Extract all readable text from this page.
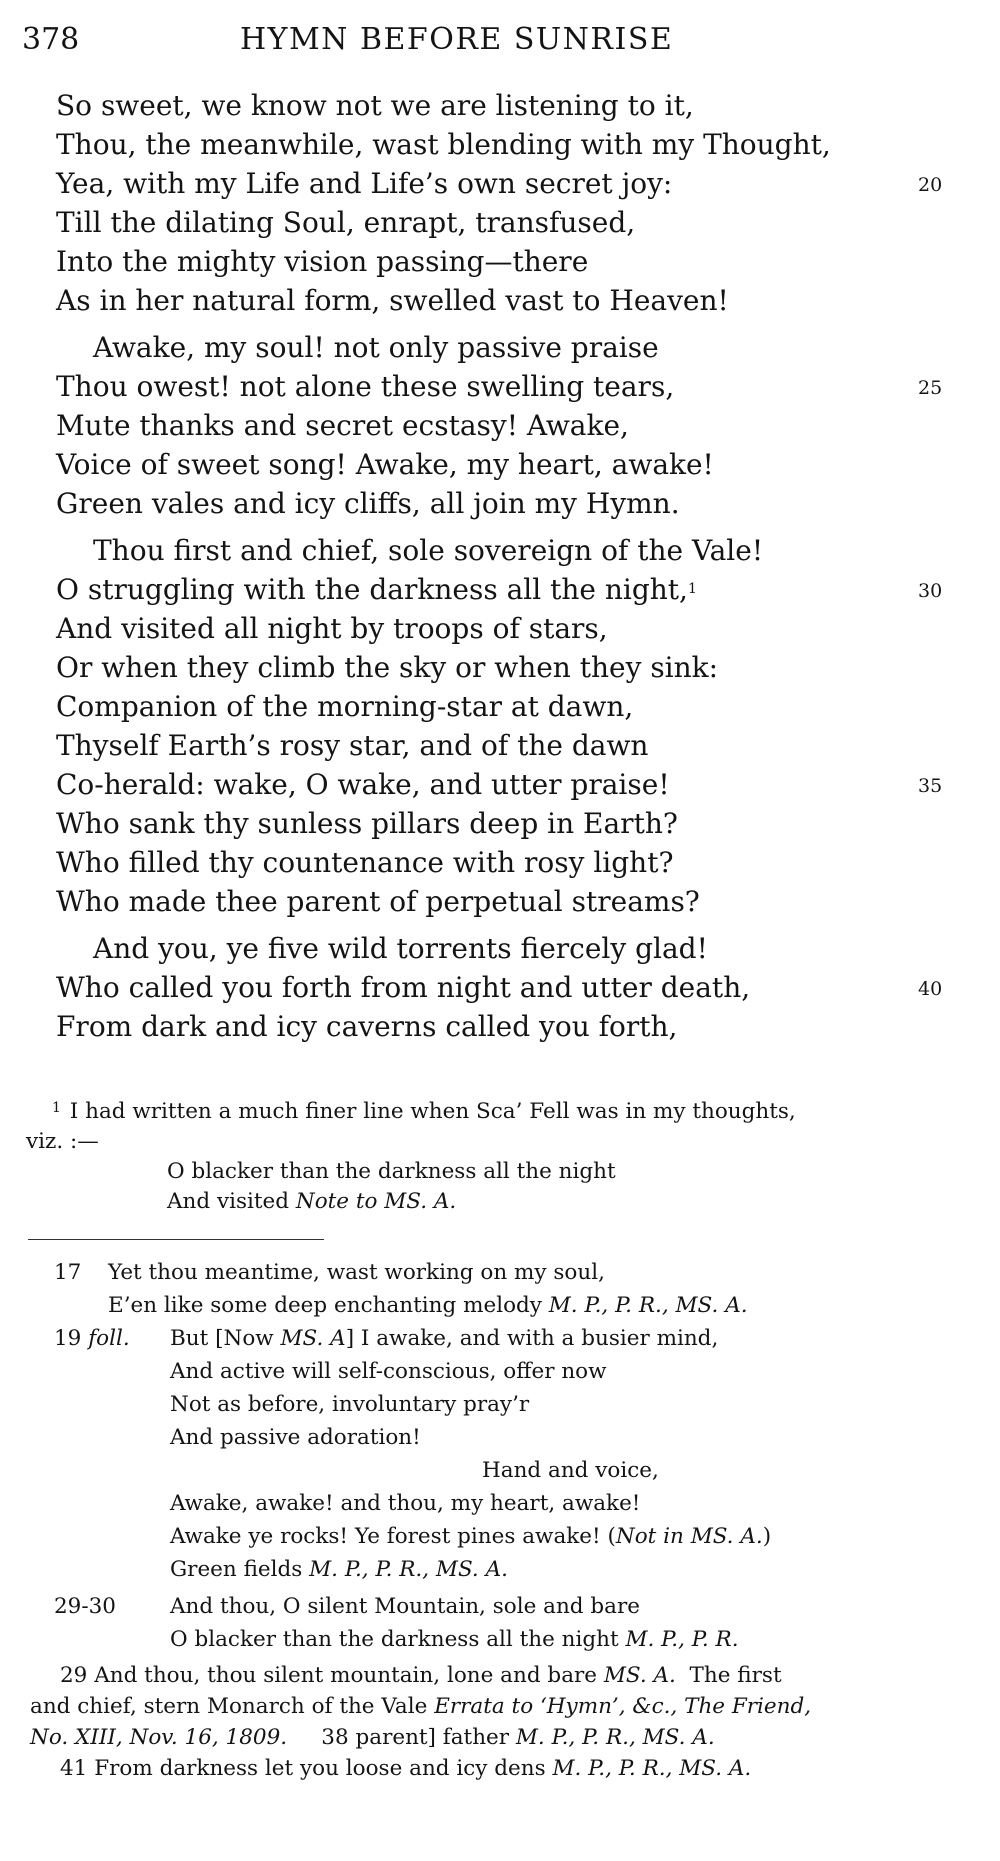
378	HYMN BEFORE SUNRISE
So sweet, we know not we are listening to it,
Thou, the meanwhile, wast blending with my Thought,
Yea, with my Life and Life’s own secret joy:	20
Till the dilating Soul, enrapt, transfused,
Into the mighty vision passing—there
As in her natural form, swelled vast to Heaven!
Awake, my soul! not only passive praise
Thou owest! not alone these swelling tears,	25
Mute thanks and secret ecstasy! Awake,
Voice of sweet song! Awake, my heart, awake!
Green vales and icy cliffs, all join my Hymn.
Thou first and chief, sole sovereign of the Vale!
O struggling with the darkness all the night,$^1$	30
And visited all night by troops of stars,
Or when they climb the sky or when they sink:
Companion of the morning-star at dawn,
Thyself Earth’s rosy star, and of the dawn
Co-herald: wake, O wake, and utter praise!	35
Who sank thy sunless pillars deep in Earth?
Who filled thy countenance with rosy light?
Who made thee parent of perpetual streams?
And you, ye five wild torrents fiercely glad!
Who called you forth from night and utter death,	40
From dark and icy caverns called you forth,
$^1$ I had written a much finer line when Sca’ Fell was in my thoughts,
viz. :—
O blacker than the darkness all the night
And visited Note to MS. A.
17 Yet thou meantime, wast working on my soul,
E’en like some deep enchanting melody M. P., P. R., MS. A.
19 foll. But [Now MS. A] I awake, and with a busier mind,
And active will self-conscious, offer now
Not as before, involuntary pray’r
And passive adoration!
Hand and voice,
Awake, awake! and thou, my heart, awake!
Awake ye rocks! Ye forest pines awake! (Not in MS. A.)
Green fields M. P., P. R., MS. A.
29-30	And thou, O silent Mountain, sole and bare
O blacker than the darkness all the night M. P., P. R.
29 And thou, thou silent mountain, lone and bare MS. A. The first
and chief, stern Monarch of the Vale Errata to ‘Hymn’, &c., The Friend,
No. XIII, Nov. 16, 1809. 38 parent] father M. P., P. R., MS. A.
41 From darkness let you loose and icy dens M. P., P. R., MS. A.
